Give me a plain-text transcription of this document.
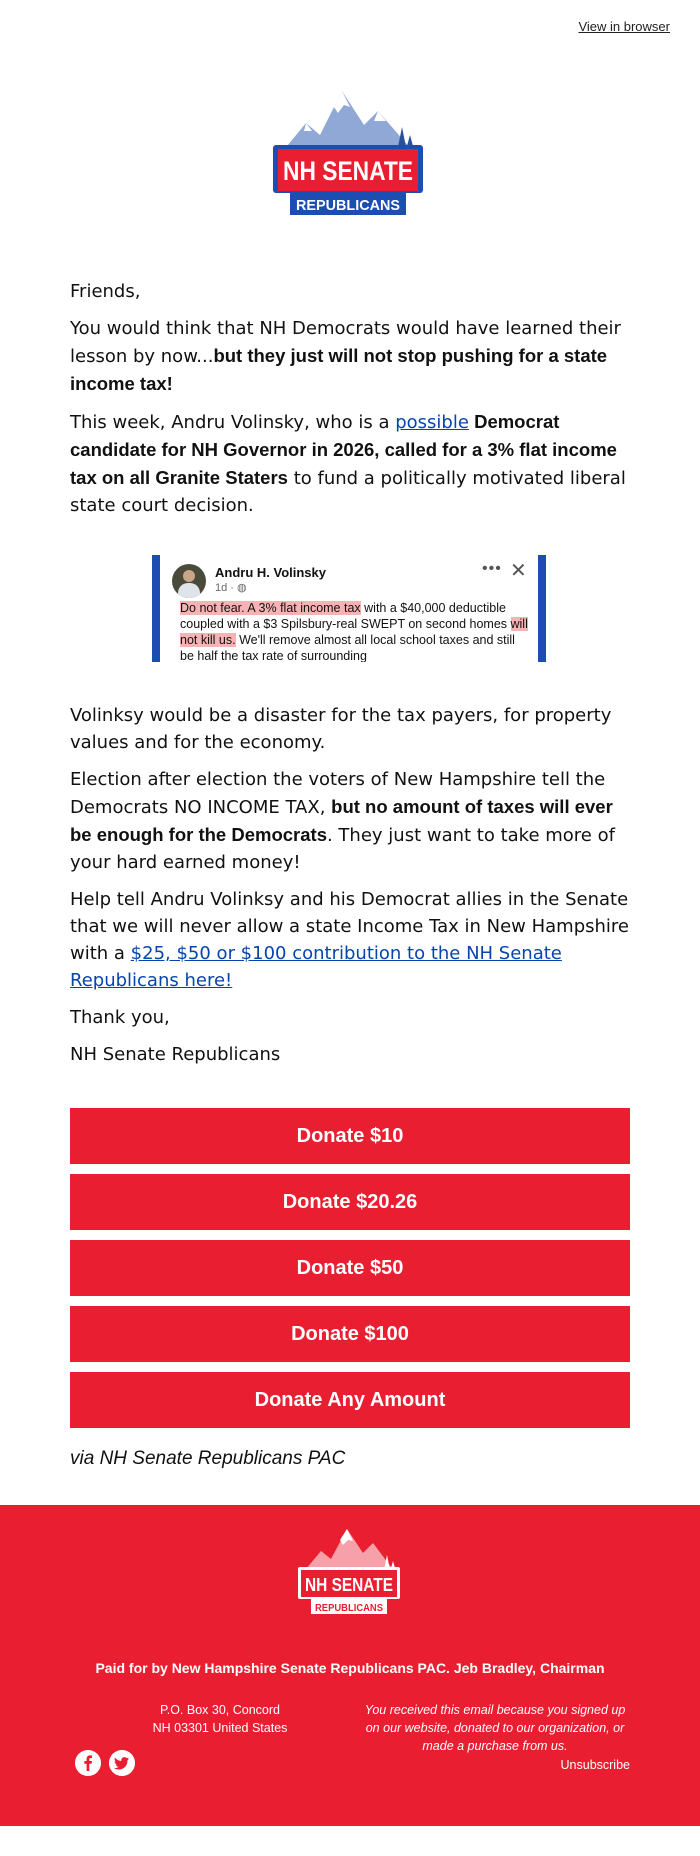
View in browser
NH SENATE
REPUBLICANS

Friends,

You would think that NH Democrats would have learned their lesson by now...but they just will not stop pushing for a state income tax!

This week, Andru Volinsky, who is a possible Democrat candidate for NH Governor in 2026, called for a 3% flat income tax on all Granite Staters to fund a politically motivated liberal state court decision.

Andru H. Volinsky
1d · ◍
••• ✕
Do not fear. A 3% flat income tax with a $40,000 deductible coupled with a $3 Spilsbury-real SWEPT on second homes will not kill us. We'll remove almost all local school taxes and still be half the tax rate of surrounding

Volinksy would be a disaster for the tax payers, for property values and for the economy.

Election after election the voters of New Hampshire tell the Democrats NO INCOME TAX, but no amount of taxes will ever be enough for the Democrats. They just want to take more of your hard earned money!

Help tell Andru Volinksy and his Democrat allies in the Senate that we will never allow a state Income Tax in New Hampshire with a $25, $50 or $100 contribution to the NH Senate Republicans here!

Thank you,

NH Senate Republicans

Donate $10
Donate $20.26
Donate $50
Donate $100
Donate Any Amount
via NH Senate Republicans PAC
NH SENATE
REPUBLICANS
Paid for by New Hampshire Senate Republicans PAC. Jeb Bradley, Chairman
P.O. Box 30, Concord
NH 03301 United States
You received this email because you signed up on our website, donated to our organization, or made a purchase from us.
Unsubscribe
